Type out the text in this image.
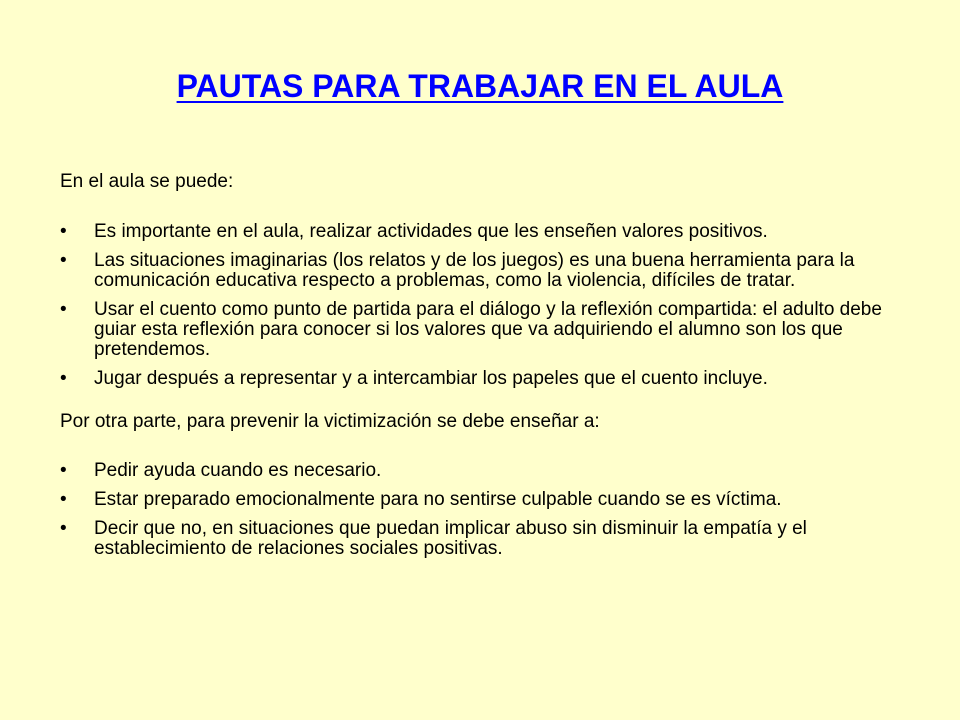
PAUTAS PARA TRABAJAR EN EL AULA

En el aula se puede:

• Es importante en el aula, realizar actividades que les enseñen valores positivos.
• Las situaciones imaginarias (los relatos y de los juegos) es una buena herramienta para la comunicación educativa respecto a problemas, como la violencia, difíciles de tratar.
• Usar el cuento como punto de partida para el diálogo y la reflexión compartida: el adulto debe guiar esta reflexión para conocer si los valores que va adquiriendo el alumno son los que pretendemos.
• Jugar después a representar y a intercambiar los papeles que el cuento incluye.

Por otra parte, para prevenir la victimización se debe enseñar a:

• Pedir ayuda cuando es necesario.
• Estar preparado emocionalmente para no sentirse culpable cuando se es víctima.
• Decir que no, en situaciones que puedan implicar abuso sin disminuir la empatía y el establecimiento de relaciones sociales positivas.
